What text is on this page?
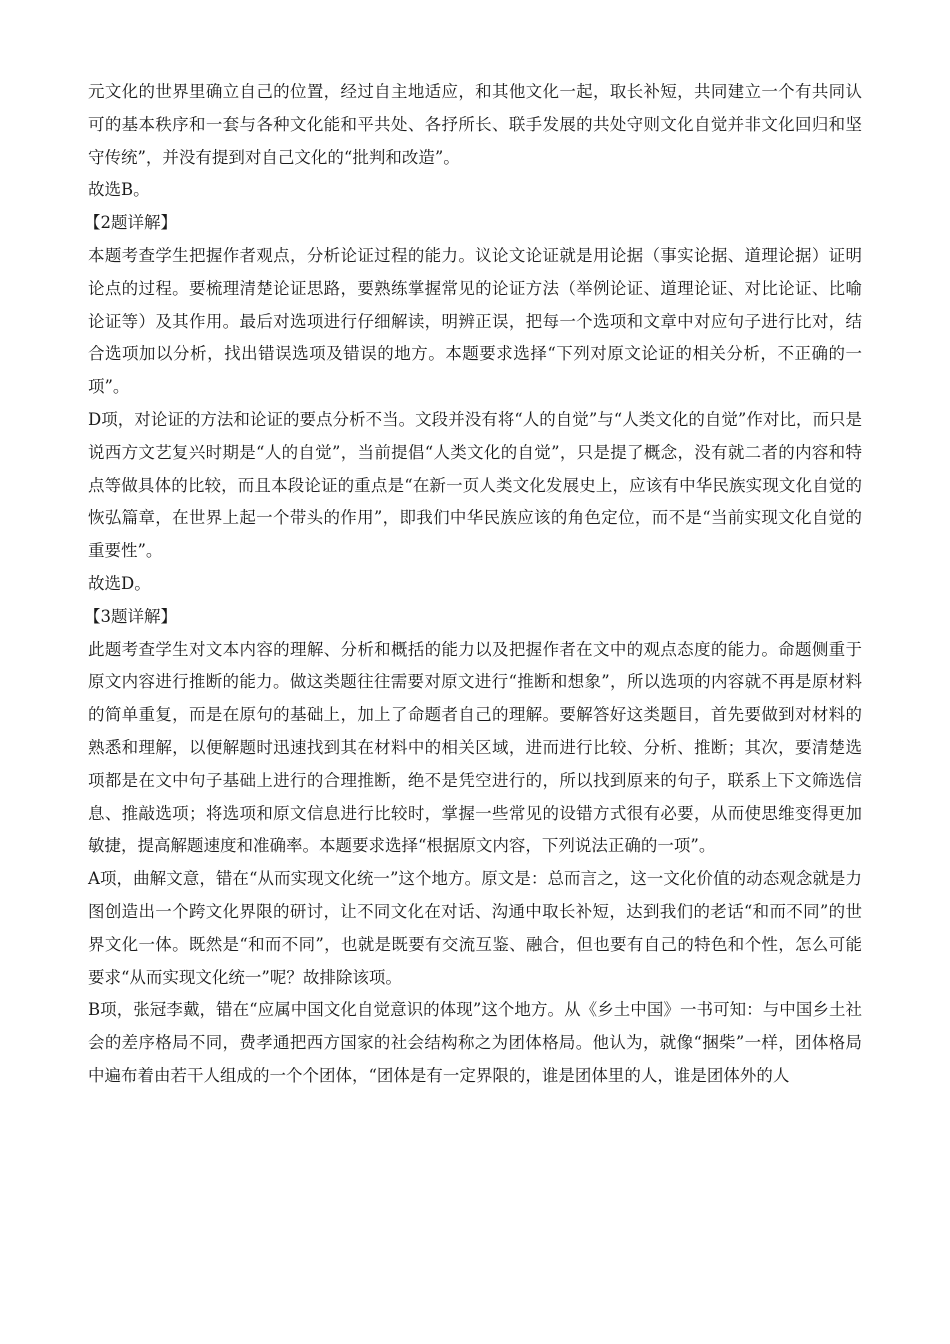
元文化的世界里确立自己的位置，经过自主地适应，和其他文化一起，取长补短，共同建立一个有共同认可的基本秩序和一套与各种文化能和平共处、各抒所长、联手发展的共处守则文化自觉并非文化回归和坚守传统”，并没有提到对自己文化的“批判和改造”。

故选B。

【2题详解】

本题考查学生把握作者观点，分析论证过程的能力。议论文论证就是用论据（事实论据、道理论据）证明论点的过程。要梳理清楚论证思路，要熟练掌握常见的论证方法（举例论证、道理论证、对比论证、比喻论证等）及其作用。最后对选项进行仔细解读，明辨正误，把每一个选项和文章中对应句子进行比对，结合选项加以分析，找出错误选项及错误的地方。本题要求选择“下列对原文论证的相关分析，不正确的一项”。

D项，对论证的方法和论证的要点分析不当。文段并没有将“人的自觉”与“人类文化的自觉”作对比，而只是说西方文艺复兴时期是“人的自觉”，当前提倡“人类文化的自觉”，只是提了概念，没有就二者的内容和特点等做具体的比较，而且本段论证的重点是“在新一页人类文化发展史上，应该有中华民族实现文化自觉的恢弘篇章，在世界上起一个带头的作用”，即我们中华民族应该的角色定位，而不是“当前实现文化自觉的重要性”。

故选D。

【3题详解】

此题考查学生对文本内容的理解、分析和概括的能力以及把握作者在文中的观点态度的能力。命题侧重于原文内容进行推断的能力。做这类题往往需要对原文进行“推断和想象”，所以选项的内容就不再是原材料的简单重复，而是在原句的基础上，加上了命题者自己的理解。要解答好这类题目，首先要做到对材料的熟悉和理解，以便解题时迅速找到其在材料中的相关区域，进而进行比较、分析、推断；其次，要清楚选项都是在文中句子基础上进行的合理推断，绝不是凭空进行的，所以找到原来的句子，联系上下文筛选信息、推敲选项；将选项和原文信息进行比较时，掌握一些常见的设错方式很有必要，从而使思维变得更加敏捷，提高解题速度和准确率。本题要求选择“根据原文内容，下列说法正确的一项”。

A项，曲解文意，错在“从而实现文化统一”这个地方。原文是：总而言之，这一文化价值的动态观念就是力图创造出一个跨文化界限的研讨，让不同文化在对话、沟通中取长补短，达到我们的老话“和而不同”的世界文化一体。既然是“和而不同”，也就是既要有交流互鉴、融合，但也要有自己的特色和个性，怎么可能要求“从而实现文化统一”呢？故排除该项。

B项，张冠李戴，错在“应属中国文化自觉意识的体现”这个地方。从《乡土中国》一书可知：与中国乡土社会的差序格局不同，费孝通把西方国家的社会结构称之为团体格局。他认为，就像“捆柴”一样，团体格局中遍布着由若干人组成的一个个团体，“团体是有一定界限的，谁是团体里的人，谁是团体外的人
